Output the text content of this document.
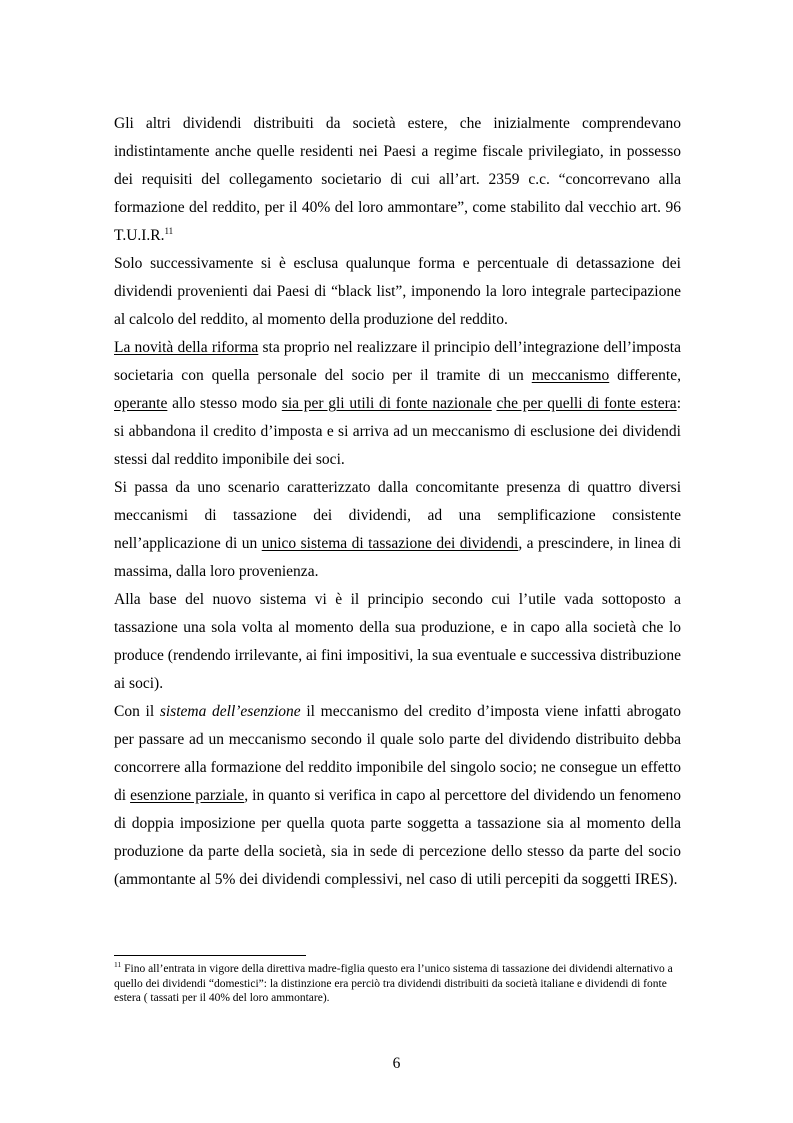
Gli altri dividendi distribuiti da società estere, che inizialmente comprendevano indistintamente anche quelle residenti nei Paesi a regime fiscale privilegiato, in possesso dei requisiti del collegamento societario di cui all’art. 2359 c.c. “concorrevano alla formazione del reddito, per il 40% del loro ammontare”, come stabilito dal vecchio art. 96 T.U.I.R.$^{11}$

Solo successivamente si è esclusa qualunque forma e percentuale di detassazione dei dividendi provenienti dai Paesi di “black list”, imponendo la loro integrale partecipazione al calcolo del reddito, al momento della produzione del reddito.

La novità della riforma sta proprio nel realizzare il principio dell’integrazione dell’imposta societaria con quella personale del socio per il tramite di un meccanismo differente, operante allo stesso modo sia per gli utili di fonte nazionale che per quelli di fonte estera: si abbandona il credito d’imposta e si arriva ad un meccanismo di esclusione dei dividendi stessi dal reddito imponibile dei soci.

Si passa da uno scenario caratterizzato dalla concomitante presenza di quattro diversi meccanismi di tassazione dei dividendi, ad una semplificazione consistente nell’applicazione di un unico sistema di tassazione dei dividendi, a prescindere, in linea di massima, dalla loro provenienza.

Alla base del nuovo sistema vi è il principio secondo cui l’utile vada sottoposto a tassazione una sola volta al momento della sua produzione, e in capo alla società che lo produce (rendendo irrilevante, ai fini impositivi, la sua eventuale e successiva distribuzione ai soci).

Con il sistema dell’esenzione il meccanismo del credito d’imposta viene infatti abrogato per passare ad un meccanismo secondo il quale solo parte del dividendo distribuito debba concorrere alla formazione del reddito imponibile del singolo socio; ne consegue un effetto di esenzione parziale, in quanto si verifica in capo al percettore del dividendo un fenomeno di doppia imposizione per quella quota parte soggetta a tassazione sia al momento della produzione da parte della società, sia in sede di percezione dello stesso da parte del socio (ammontante al 5% dei dividendi complessivi, nel caso di utili percepiti da soggetti IRES).

$^{11}$ Fino all’entrata in vigore della direttiva madre-figlia questo era l’unico sistema di tassazione dei dividendi alternativo a quello dei dividendi “domestici”: la distinzione era perciò tra dividendi distribuiti da società italiane e dividendi di fonte estera ( tassati per il 40% del loro ammontare).
6
